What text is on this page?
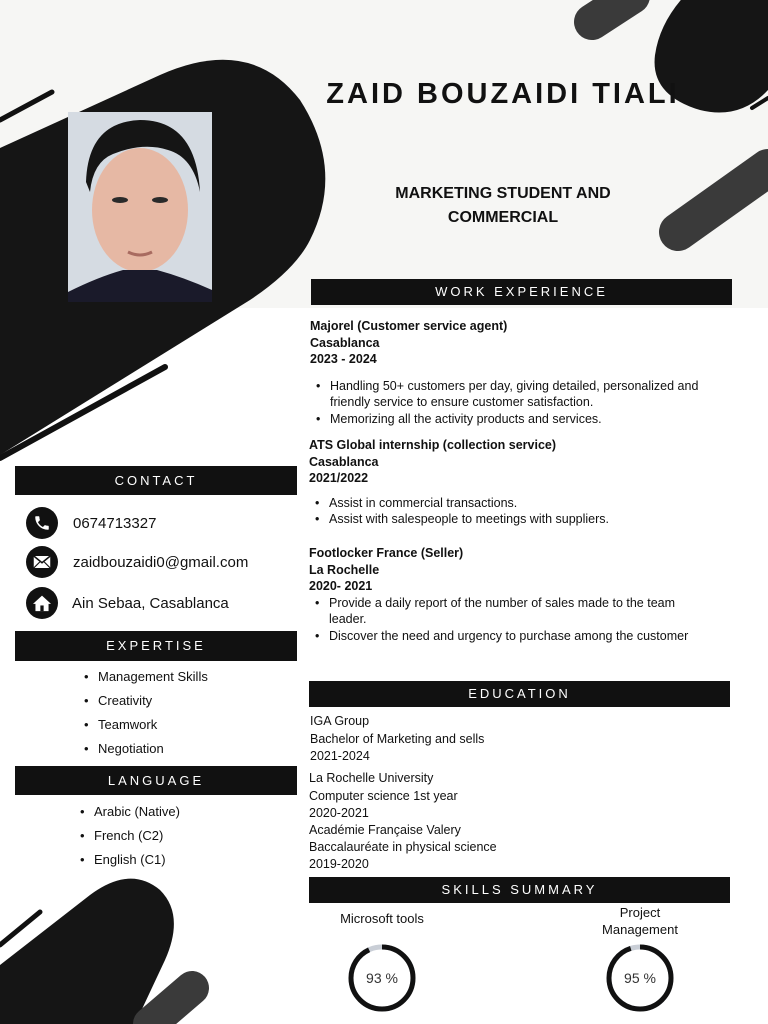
ZAID BOUZAIDI TIALI
MARKETING STUDENT AND COMMERCIAL
WORK EXPERIENCE
Majorel (Customer service agent)
Casablanca
2023 - 2024
• Handling 50+ customers per day, giving detailed, personalized and friendly service to ensure customer satisfaction.
• Memorizing all the activity products and services.
ATS Global internship (collection service)
Casablanca
2021/2022
• Assist in commercial transactions.
• Assist with salespeople to meetings with suppliers.
Footlocker France (Seller)
La Rochelle
2020- 2021
• Provide a daily report of the number of sales made to the team leader.
• Discover the need and urgency to purchase among the customer
CONTACT
0674713327
zaidbouzaidi0@gmail.com
Ain Sebaa, Casablanca
EXPERTISE
• Management Skills
• Creativity
• Teamwork
• Negotiation
LANGUAGE
• Arabic (Native)
• French (C2)
• English (C1)
EDUCATION
IGA Group
Bachelor of Marketing and sells
2021-2024
La Rochelle University
Computer science 1st year
2020-2021
Académie Française Valery
Baccalauréate in physical science
2019-2020
SKILLS SUMMARY
Microsoft tools
93 %
Project Management
95 %
